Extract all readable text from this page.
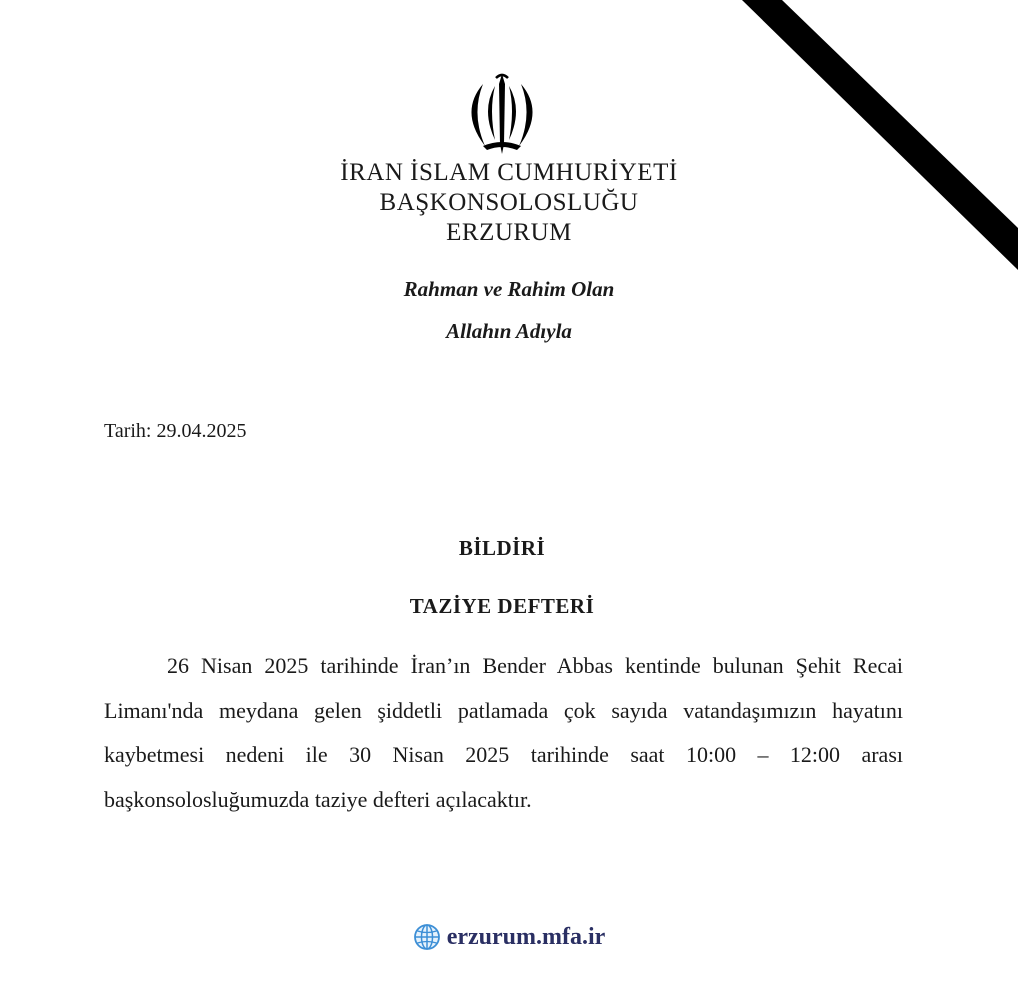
İRAN İSLAM CUMHURİYETİ
BAŞKONSOLOSLUĞU
ERZURUM
Rahman ve Rahim Olan
Allahın Adıyla
Tarih: 29.04.2025
BİLDİRİ
TAZİYE DEFTERİ

26 Nisan 2025 tarihinde İran’ın Bender Abbas kentinde bulunan Şehit Recai Limanı'nda meydana gelen şiddetli patlamada çok sayıda vatandaşımızın hayatını kaybetmesi nedeni ile 30 Nisan 2025 tarihinde saat 10:00 – 12:00 arası başkonsolosluğumuzda taziye defteri açılacaktır.

erzurum.mfa.ir
